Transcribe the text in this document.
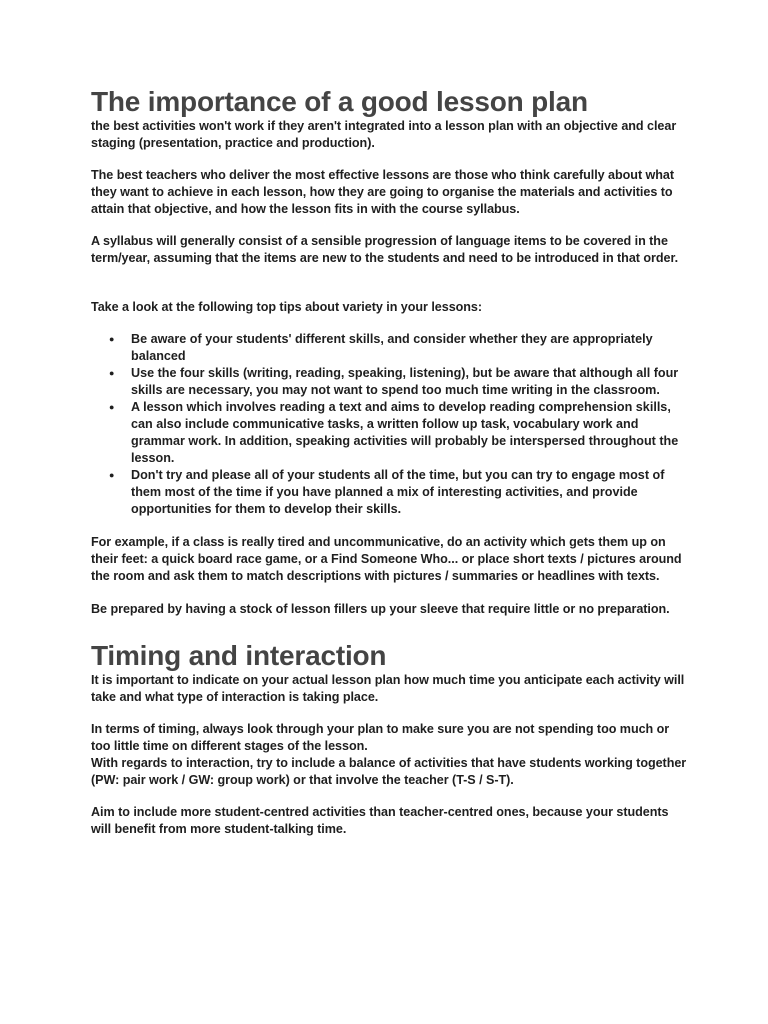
The importance of a good lesson plan

the best activities won't work if they aren't integrated into a lesson plan with an objective and clear staging (presentation, practice and production).

The best teachers who deliver the most effective lessons are those who think carefully about what they want to achieve in each lesson, how they are going to organise the materials and activities to attain that objective, and how the lesson fits in with the course syllabus.

A syllabus will generally consist of a sensible progression of language items to be covered in the term/year, assuming that the items are new to the students and need to be introduced in that order.

Take a look at the following top tips about variety in your lessons:

● Be aware of your students' different skills, and consider whether they are appropriately balanced
● Use the four skills (writing, reading, speaking, listening), but be aware that although all four skills are necessary, you may not want to spend too much time writing in the classroom.
● A lesson which involves reading a text and aims to develop reading comprehension skills, can also include communicative tasks, a written follow up task, vocabulary work and grammar work. In addition, speaking activities will probably be interspersed throughout the lesson.
● Don't try and please all of your students all of the time, but you can try to engage most of them most of the time if you have planned a mix of interesting activities, and provide opportunities for them to develop their skills.

For example, if a class is really tired and uncommunicative, do an activity which gets them up on their feet: a quick board race game, or a Find Someone Who... or place short texts / pictures around the room and ask them to match descriptions with pictures / summaries or headlines with texts.

Be prepared by having a stock of lesson fillers up your sleeve that require little or no preparation.

Timing and interaction

It is important to indicate on your actual lesson plan how much time you anticipate each activity will take and what type of interaction is taking place.

In terms of timing, always look through your plan to make sure you are not spending too much or too little time on different stages of the lesson.

With regards to interaction, try to include a balance of activities that have students working together (PW: pair work / GW: group work) or that involve the teacher (T-S / S-T).

Aim to include more student-centred activities than teacher-centred ones, because your students will benefit from more student-talking time.
